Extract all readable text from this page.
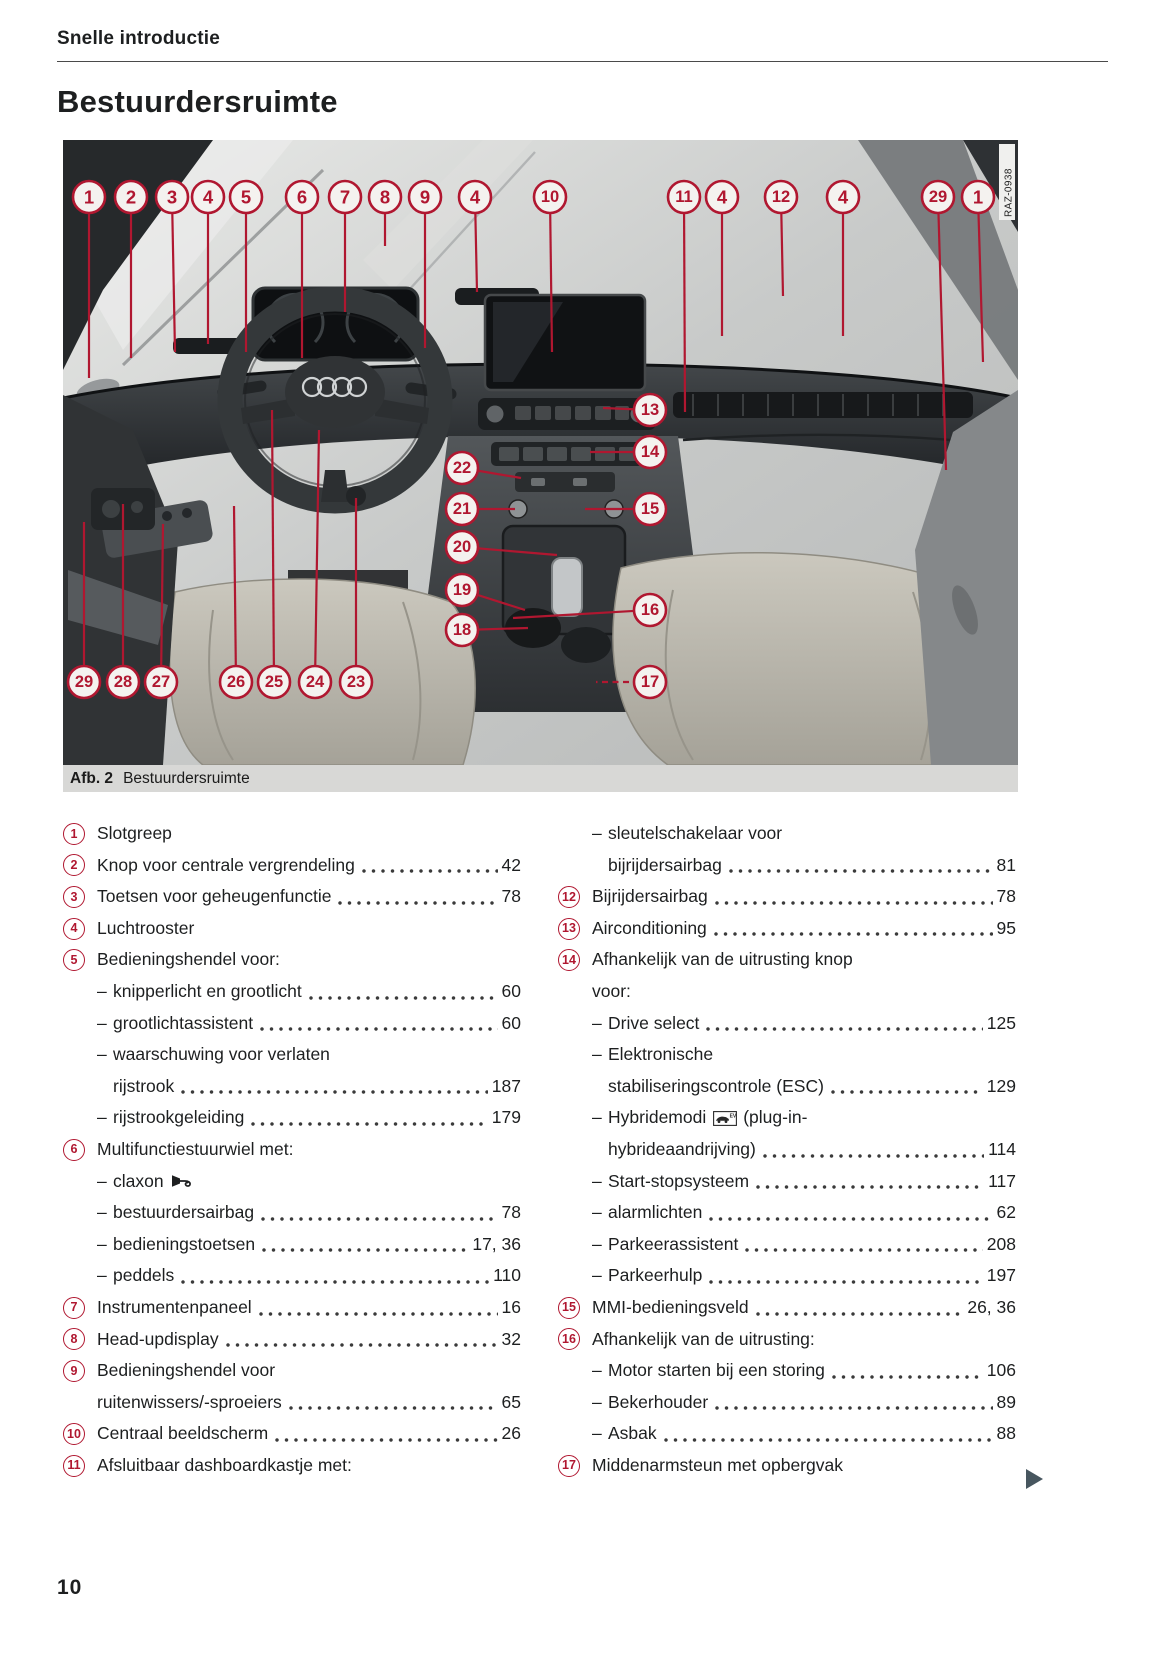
Snelle introductie
Bestuurdersruimte
RAZ-0938
1 2 3 4 5 6 7 8 9 4	10	11 4	12	4	29 1
13
14
15
16
17
22
21
20
19
18
29 28 27	26 25 24 23
Afb. 2 Bestuurdersruimte
1	Slotgreep
2	Knop voor centrale vergrendeling	42
3	Toetsen voor geheugenfunctie	78
4	Luchtrooster
5	Bedieningshendel voor:
– knipperlicht en grootlicht	60
– grootlichtassistent	60
– waarschuwing voor verlaten
rijstrook	187
– rijstrookgeleiding	179
6	Multifunctiestuurwiel met:
– claxon
– bestuurdersairbag	78
– bedieningstoetsen	17, 36
– peddels	110
7	Instrumentenpaneel	16
8	Head-updisplay	32
9	Bedieningshendel voor
ruitenwissers/-sproeiers	65
10 Centraal beeldscherm	26
11 Afsluitbaar dashboardkastje met:
– sleutelschakelaar voor
bijrijdersairbag	81
12 Bijrijdersairbag	78
13 Airconditioning	95
14 Afhankelijk van de uitrusting knop
voor:
– Drive select	125
– Elektronische
stabiliseringscontrole (ESC)	129
– Hybridemodi	EV (plug-in-
hybrideaandrijving)	114
– Start-stopsysteem	117
– alarmlichten	62
– Parkeerassistent	208
– Parkeerhulp	197
15 MMI-bedieningsveld	26, 36
16 Afhankelijk van de uitrusting:
– Motor starten bij een storing	106
– Bekerhouder	89
– Asbak	88
17 Middenarmsteun met opbergvak
10
